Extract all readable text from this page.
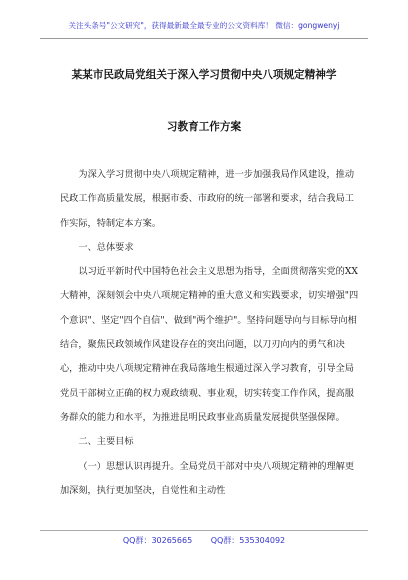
关注头条号"公文研究"，获得最新最全最专业的公文资料库！ 微信：gongwenyj
某某市民政局党组关于深入学习贯彻中央八项规定精神学
习教育工作方案

为深入学习贯彻中央八项规定精神，进一步加强我局作风建设，推动民政工作高质量发展，根据市委、市政府的统一部署和要求，结合我局工作实际，特制定本方案。

一、总体要求

以习近平新时代中国特色社会主义思想为指导，全面贯彻落实党的XX大精神，深刻领会中央八项规定精神的重大意义和实践要求，切实增强"四个意识"、坚定"四个自信"、做到"两个维护"。坚持问题导向与目标导向相结合，聚焦民政领域作风建设存在的突出问题，以刀刃向内的勇气和决心，推动中央八项规定精神在我局落地生根通过深入学习教育，引导全局党员干部树立正确的权力观政绩观、事业观，切实转变工作作风，提高服务群众的能力和水平，为推进昆明民政事业高质量发展提供坚强保障。

二、主要目标

（一）思想认识再提升。全局党员干部对中央八项规定精神的理解更加深刻，执行更加坚决，自觉性和主动性

QQ群：30265665 QQ群：535304092
